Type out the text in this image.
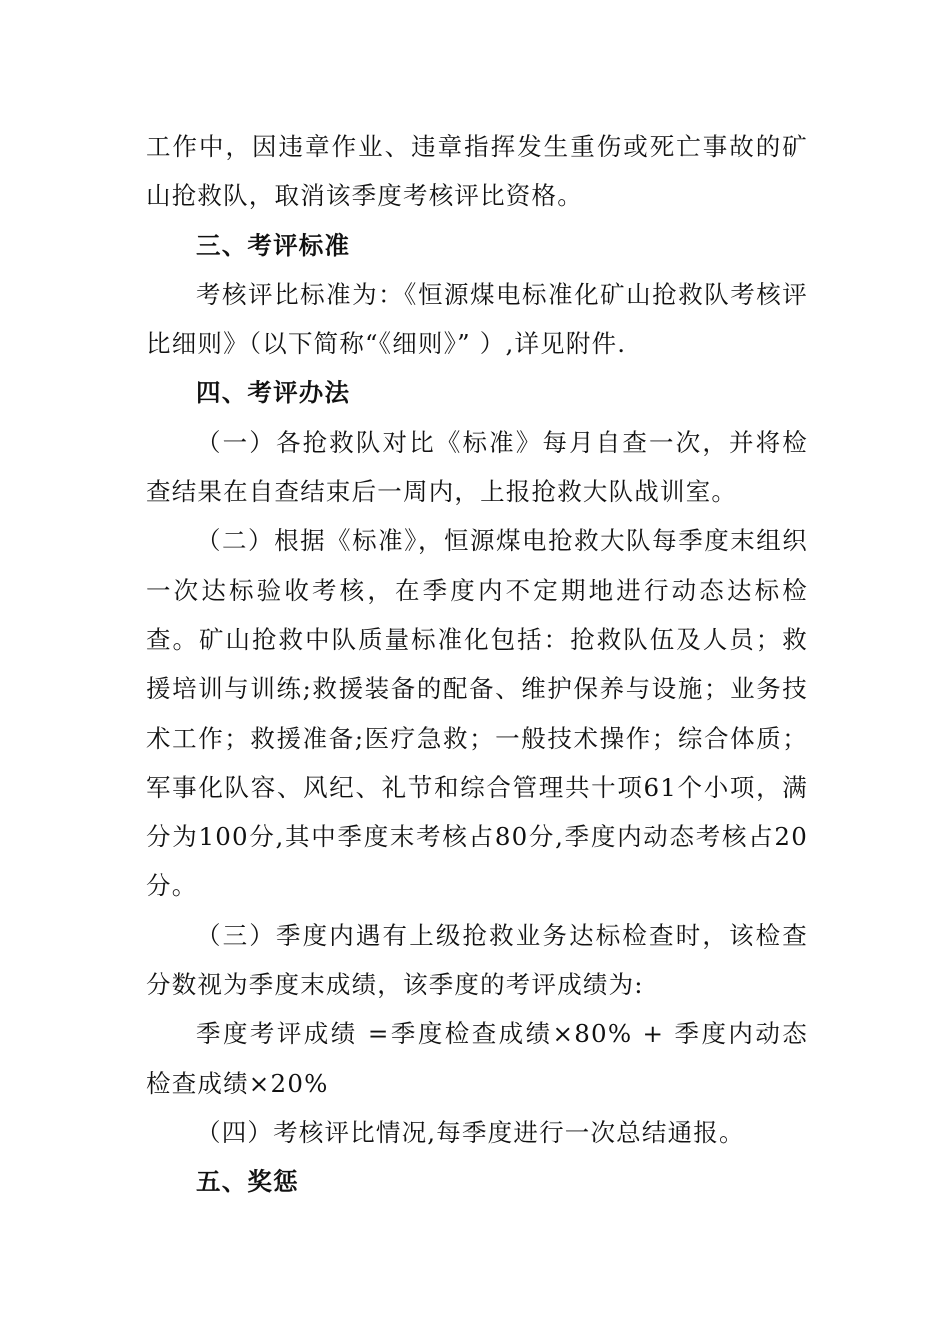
工作中，因违章作业、违章指挥发生重伤或死亡事故的矿山抢救队，取消该季度考核评比资格。

三、考评标准

考核评比标准为：《恒源煤电标准化矿山抢救队考核评比细则》（以下简称“《细则》” ）,详见附件.

四、考评办法

（一）各抢救队对比《标准》每月自查一次，并将检查结果在自查结束后一周内，上报抢救大队战训室。

（二）根据《标准》，恒源煤电抢救大队每季度末组织一次达标验收考核，在季度内不定期地进行动态达标检查。矿山抢救中队质量标准化包括：抢救队伍及人员；救援培训与训练;救援装备的配备、维护保养与设施；业务技术工作；救援准备;医疗急救；一般技术操作；综合体质；军事化队容、风纪、礼节和综合管理共十项61个小项，满分为100分,其中季度末考核占80分,季度内动态考核占20分。

（三）季度内遇有上级抢救业务达标检查时，该检查分数视为季度末成绩，该季度的考评成绩为:

季度考评成绩 =季度检查成绩×80% + 季度内动态检查成绩×20%

（四）考核评比情况,每季度进行一次总结通报。

五、奖惩
